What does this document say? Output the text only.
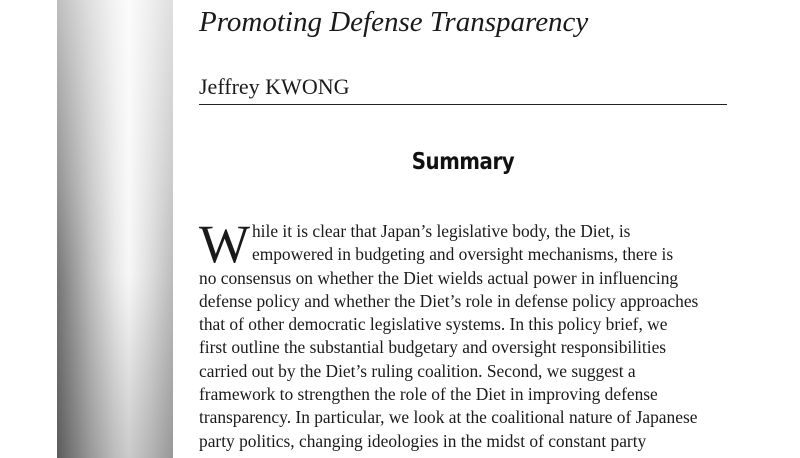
Promoting Defense Transparency
Jeffrey KWONG
Summary
W hile it is clear that Japan’s legislative body, the Diet, is
empowered in budgeting and oversight mechanisms, there is
no consensus on whether the Diet wields actual power in influencing
defense policy and whether the Diet’s role in defense policy approaches
that of other democratic legislative systems. In this policy brief, we
first outline the substantial budgetary and oversight responsibilities
carried out by the Diet’s ruling coalition. Second, we suggest a
framework to strengthen the role of the Diet in improving defense
transparency. In particular, we look at the coalitional nature of Japanese
party politics, changing ideologies in the midst of constant party
